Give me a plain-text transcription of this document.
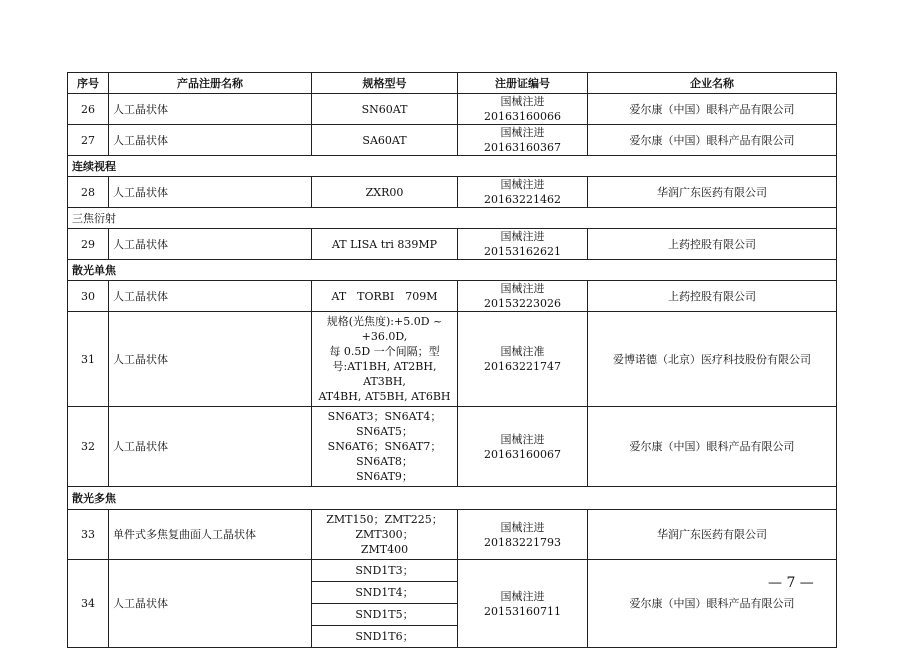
序号	产品注册名称	规格型号	注册证编号	企业名称
26	人工晶状体	SN60AT	国械注进 20163160066	爱尔康（中国）眼科产品有限公司
27	人工晶状体	SA60AT	国械注进 20163160367	爱尔康（中国）眼科产品有限公司
连续视程				
28	人工晶状体	ZXR00	国械注进 20163221462	华润广东医药有限公司
三焦衍射				
29	人工晶状体	AT LISA tri 839MP	国械注进 20153162621	上药控股有限公司
散光单焦				
30	人工晶状体	AT　TORBI　709M	国械注进 20153223026	上药控股有限公司
31	人工晶状体	规格(光焦度):+5.0D ~ +36.0D,
每 0.5D 一个间隔；型
号:AT1BH, AT2BH, AT3BH,
AT4BH, AT5BH, AT6BH	国械注准 20163221747	爱博诺德（北京）医疗科技股份有限公司
32	人工晶状体	SN6AT3；SN6AT4；SN6AT5；
SN6AT6；SN6AT7；SN6AT8；
SN6AT9；	国械注进 20163160067	爱尔康（中国）眼科产品有限公司
散光多焦				
33	单件式多焦复曲面人工晶状体	ZMT150；ZMT225；ZMT300；
ZMT400	国械注进 20183221793	华润广东医药有限公司
34	人工晶状体	SND1T3；	国械注进 20153160711	爱尔康（中国）眼科产品有限公司
		SND1T4；		
		SND1T5；		
		SND1T6；		
— 7 —
